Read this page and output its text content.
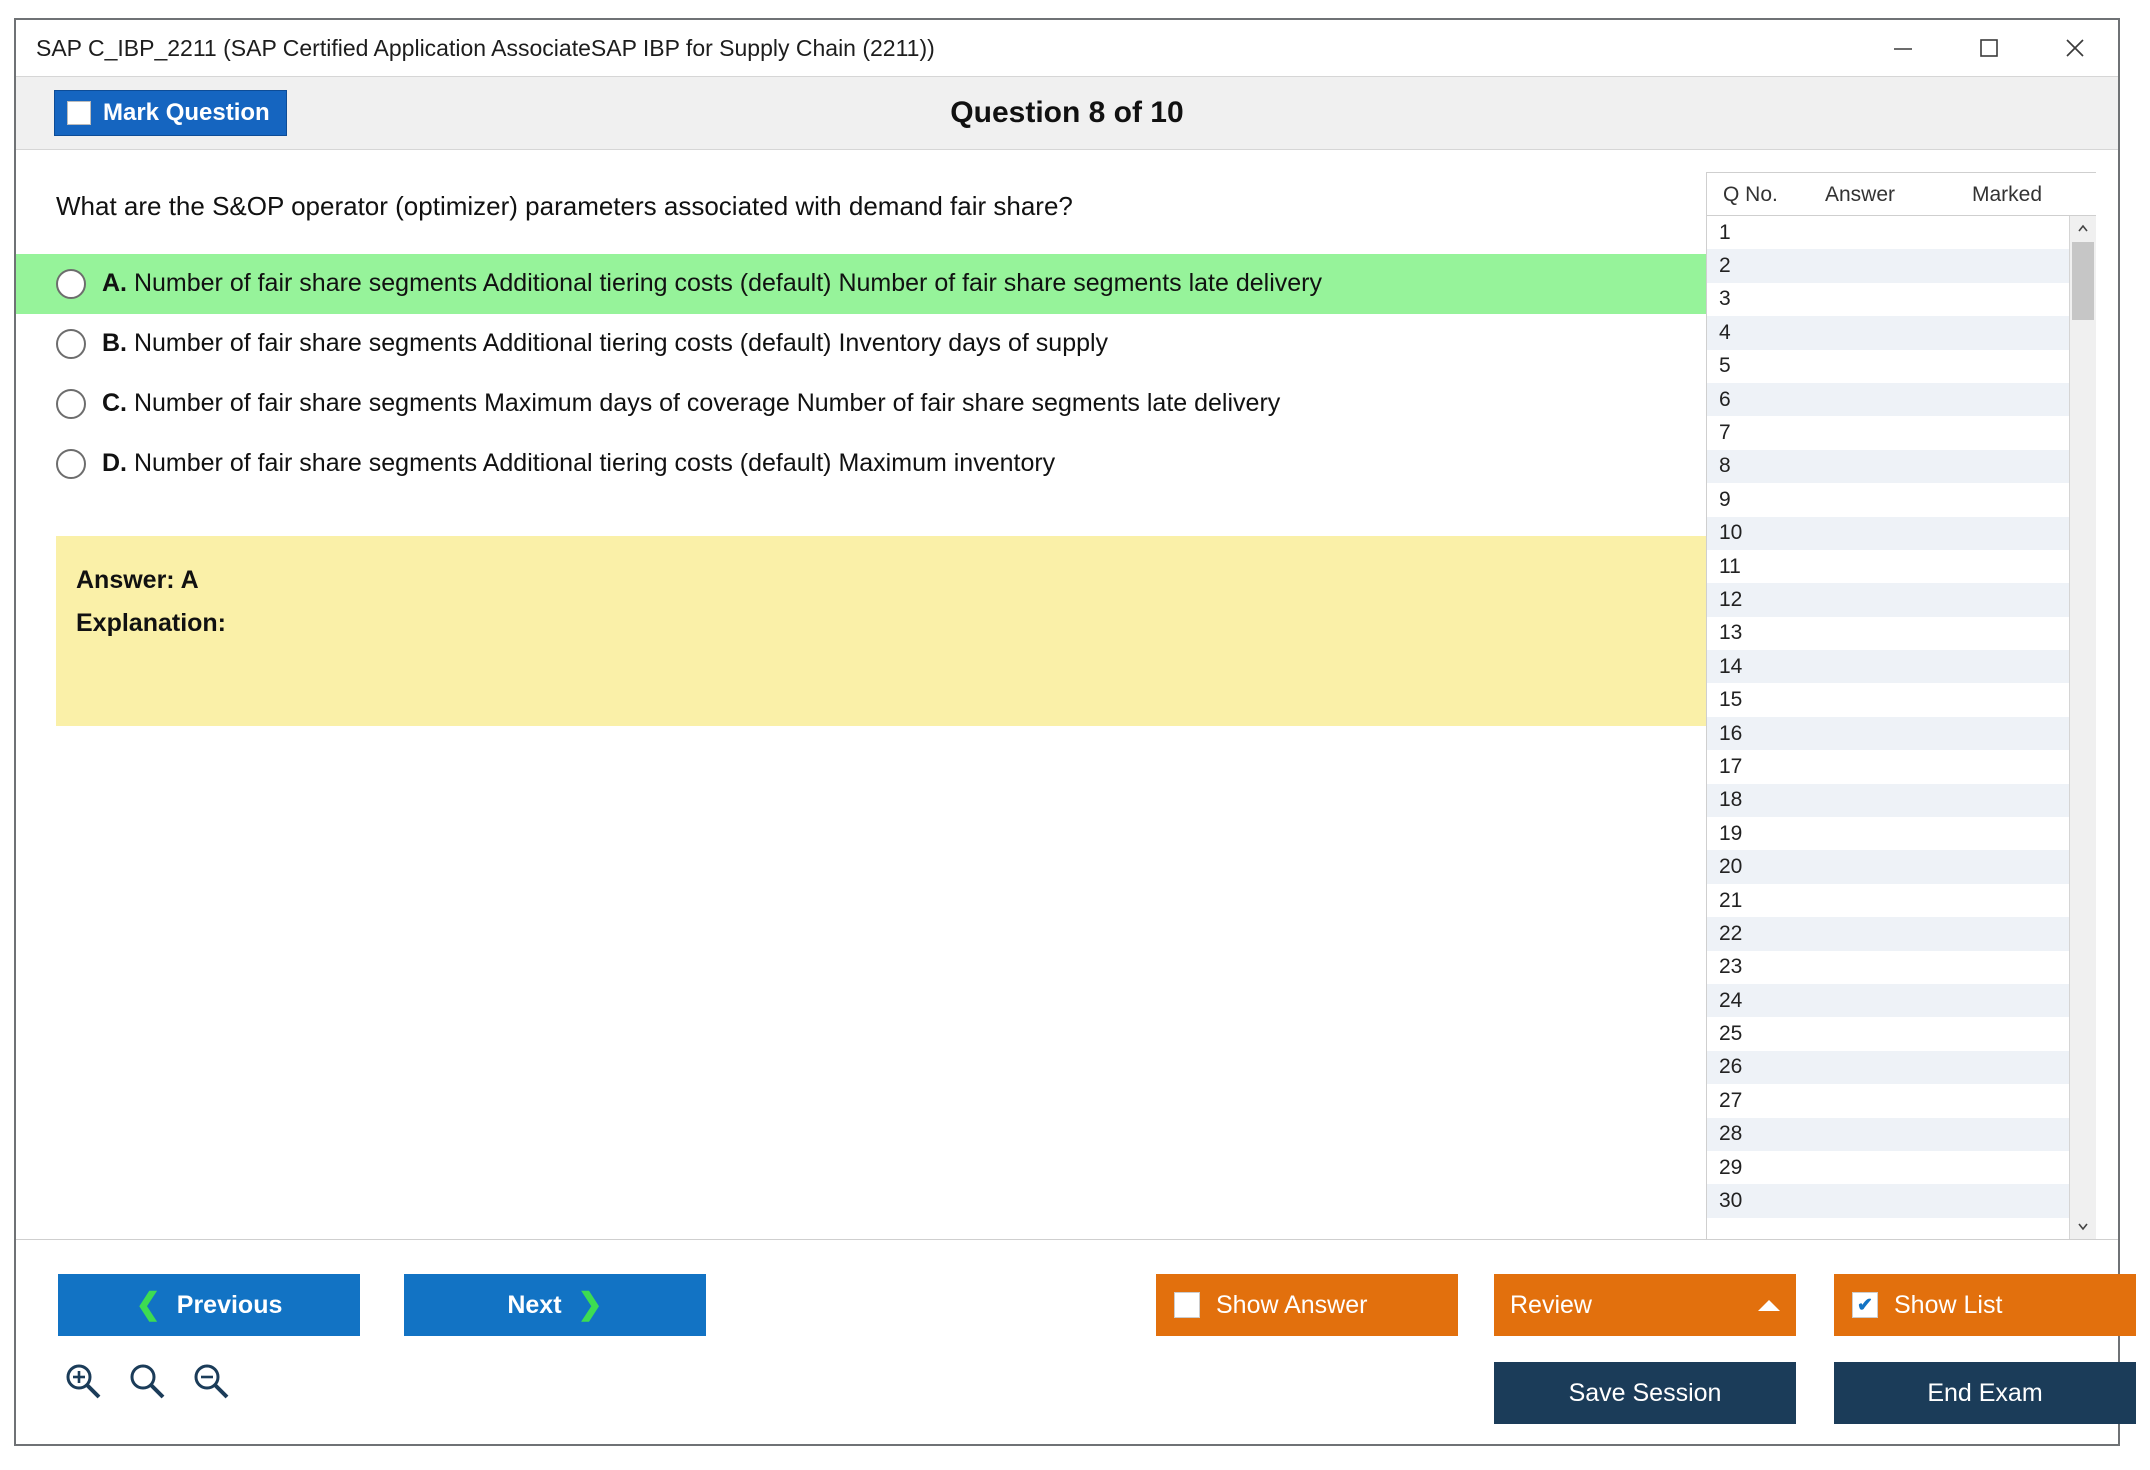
SAP C_IBP_2211 (SAP Certified Application AssociateSAP IBP for Supply Chain (2211))
Mark Question	Question 8 of 10
What are the S&OP operator (optimizer) parameters associated with demand fair share?
A. Number of fair share segments Additional tiering costs (default) Number of fair share segments late delivery
B. Number of fair share segments Additional tiering costs (default) Inventory days of supply
C. Number of fair share segments Maximum days of coverage Number of fair share segments late delivery
D. Number of fair share segments Additional tiering costs (default) Maximum inventory
Answer: A
Explanation:
Q No.	Answer	Marked
1
2
3
4
5
6
7
8
9
10
11
12
13
14
15
16
17
18
19
20
21
22
23
24
25
26
27
28
29
30
❮ Previous	Next ❯	Show Answer	Review	✔ Show List
Save Session	End Exam
